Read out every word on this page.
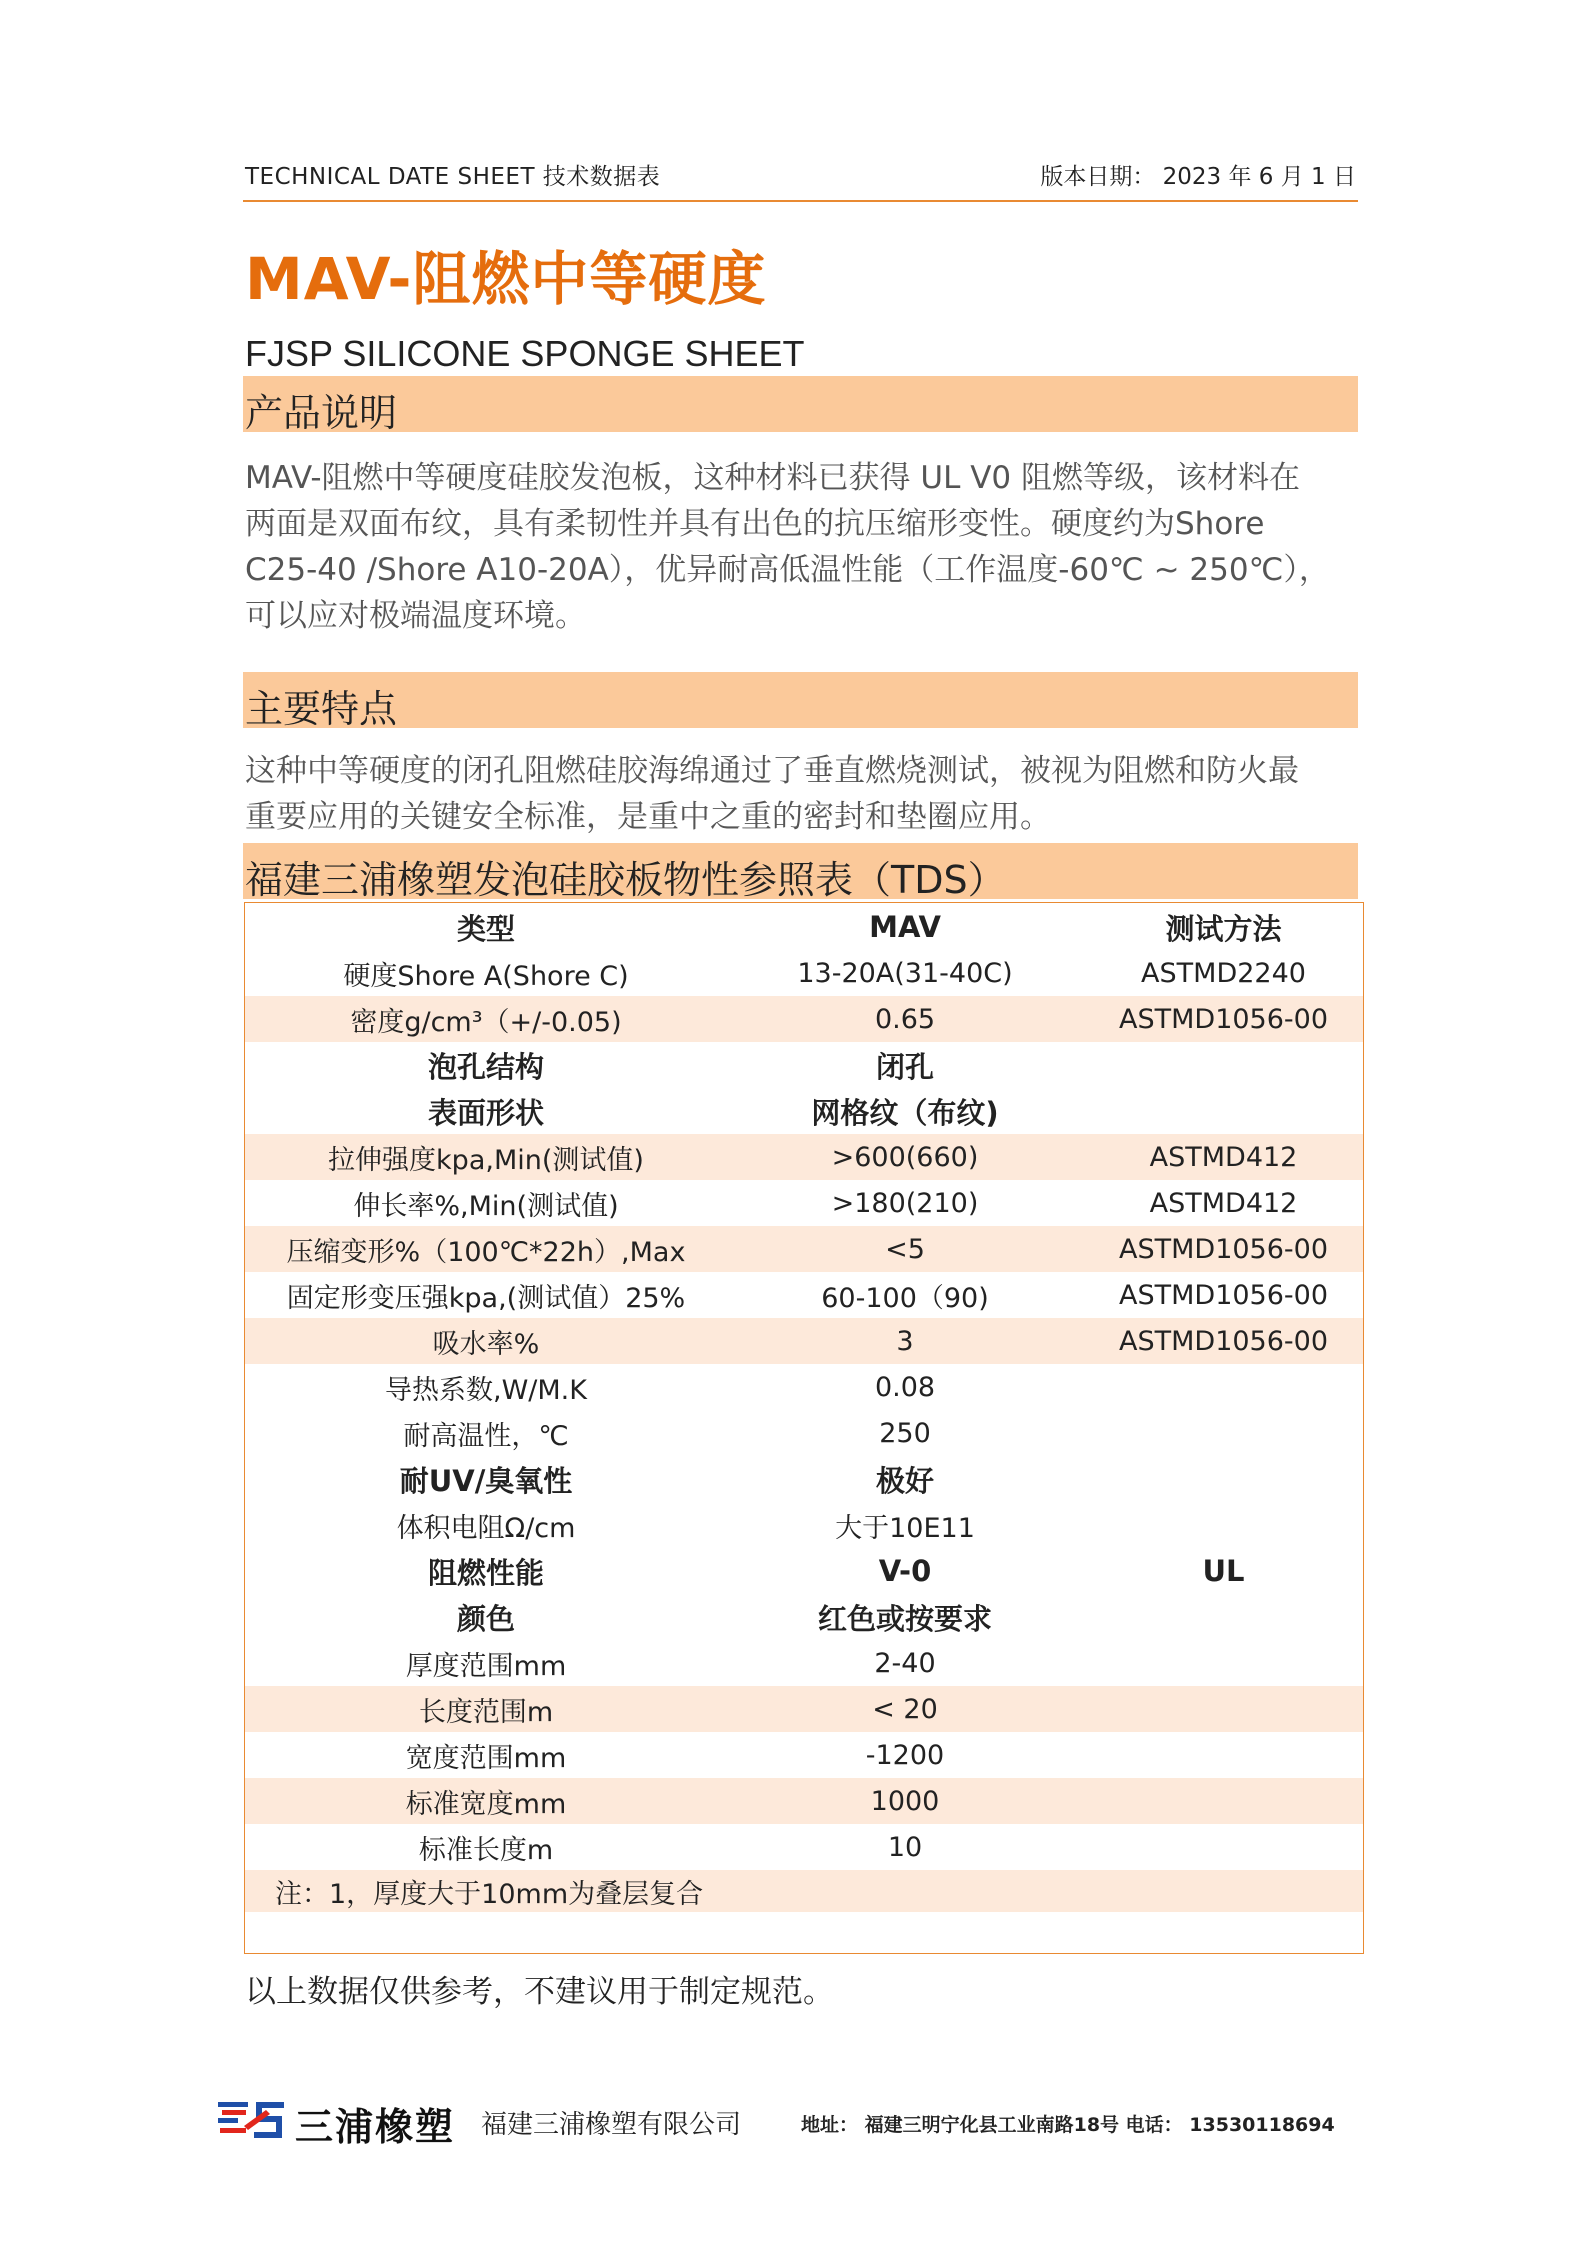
TECHNICAL DATE SHEET 技术数据表	版本日期： 2023 年 6 月 1 日
MAV-阻燃中等硬度
FJSP SILICONE SPONGE SHEET
产品说明
MAV-阻燃中等硬度硅胶发泡板，这种材料已获得 UL V0 阻燃等级，该材料在
两面是双面布纹，具有柔韧性并具有出色的抗压缩形变性。硬度约为Shore
C25-40 /Shore A10-20A），优异耐高低温性能（工作温度-60℃ ~ 250℃），
可以应对极端温度环境。
主要特点
这种中等硬度的闭孔阻燃硅胶海绵通过了垂直燃烧测试，被视为阻燃和防火最
重要应用的关键安全标准，是重中之重的密封和垫圈应用。
福建三浦橡塑发泡硅胶板物性参照表（TDS）
类型	MAV	测试方法
硬度Shore A(Shore C)	13-20A(31-40C)	ASTMD2240
密度g/cm³（+/-0.05)	0.65	ASTMD1056-00
泡孔结构	闭孔
表面形状	网格纹（布纹)
拉伸强度kpa,Min(测试值)	>600(660)	ASTMD412
伸长率%,Min(测试值)	>180(210)	ASTMD412
压缩变形%（100℃*22h）,Max	<5	ASTMD1056-00
固定形变压强kpa,(测试值）25%	60-100（90)	ASTMD1056-00
吸水率%	3	ASTMD1056-00
导热系数,W/M.K	0.08
耐高温性，℃	250
耐UV/臭氧性	极好
体积电阻Ω/cm	大于10E11
阻燃性能	V-0	UL
颜色	红色或按要求
厚度范围mm	2-40
长度范围m	< 20
宽度范围mm	-1200
标准宽度mm	1000
标准长度m	10
注：1，厚度大于10mm为叠层复合
以上数据仅供参考，不建议用于制定规范。
三浦橡塑 福建三浦橡塑有限公司	地址： 福建三明宁化县工业南路18号 电话： 13530118694
